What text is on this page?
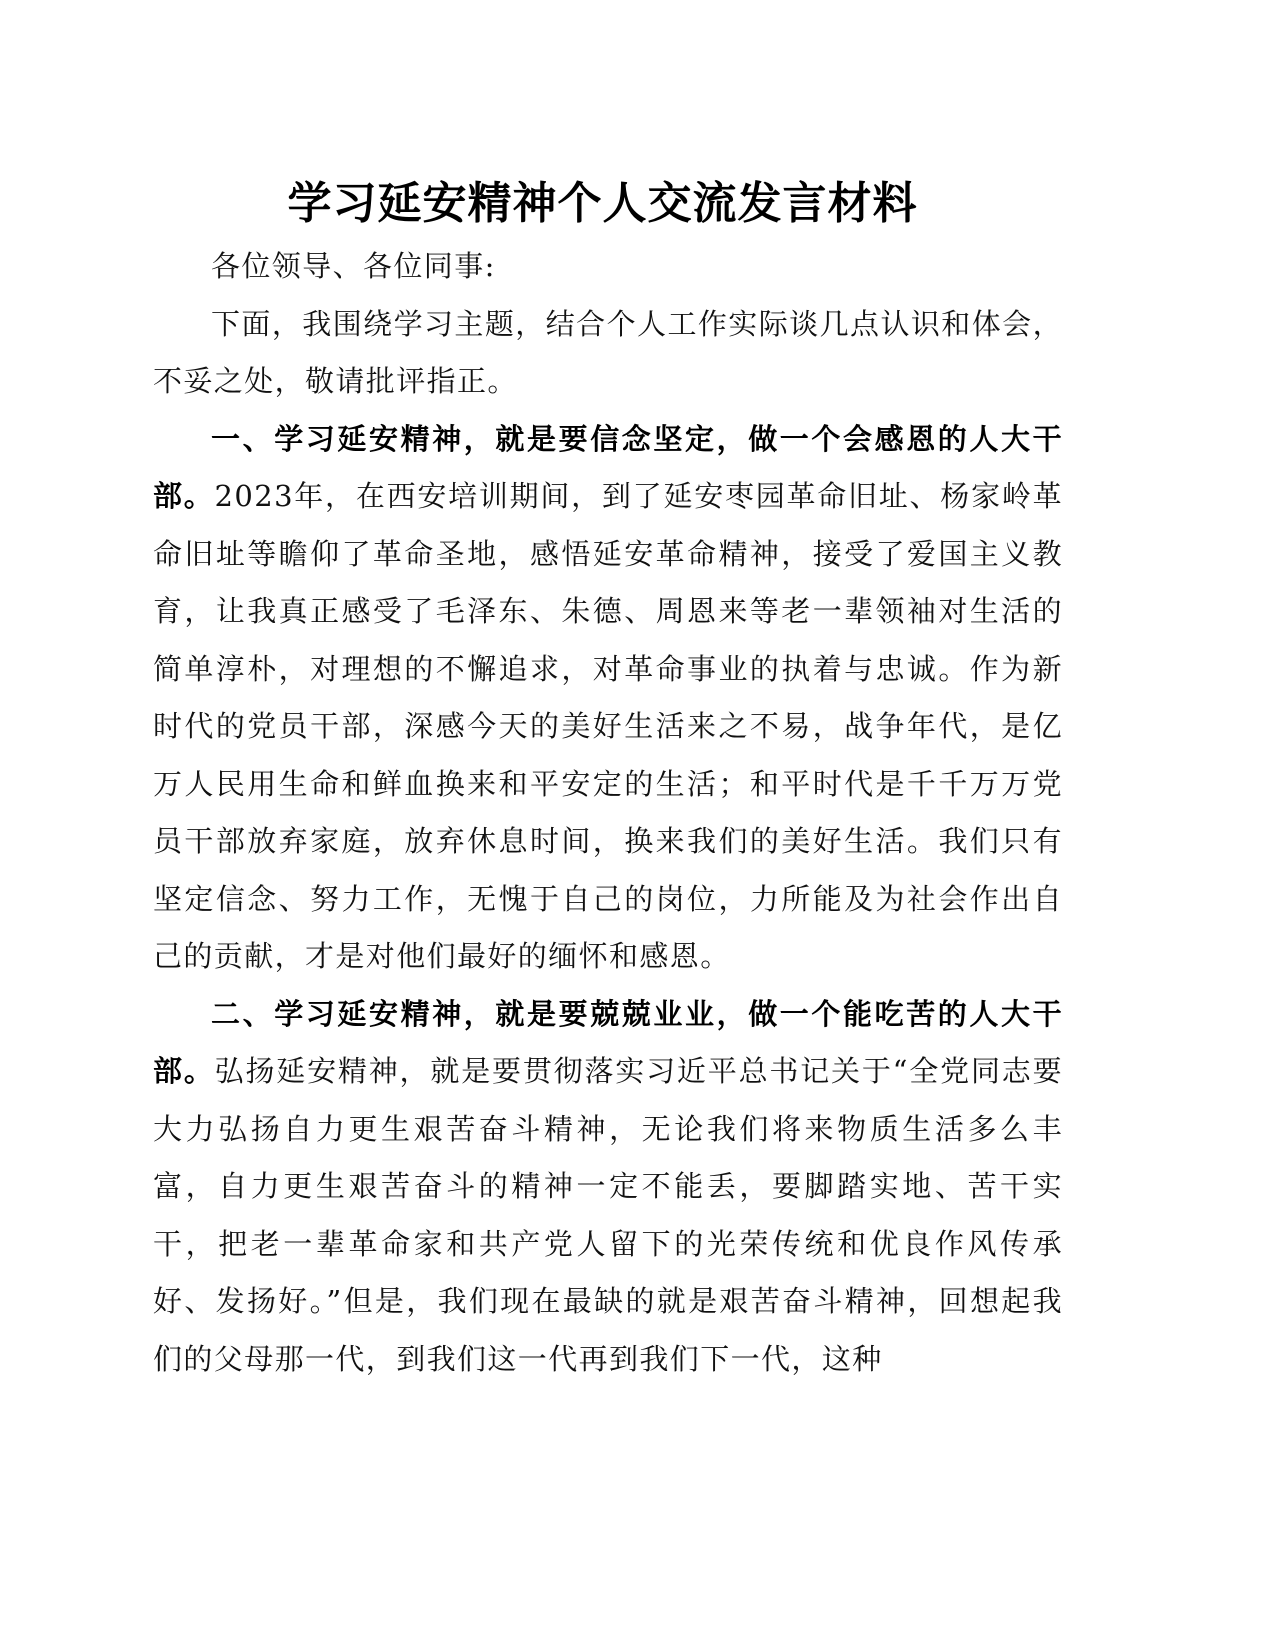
学习延安精神个人交流发言材料

各位领导、各位同事:

下面，我围绕学习主题，结合个人工作实际谈几点认识和体会，不妥之处，敬请批评指正。

一、学习延安精神，就是要信念坚定，做一个会感恩的人大干部。2023年，在西安培训期间，到了延安枣园革命旧址、杨家岭革命旧址等瞻仰了革命圣地，感悟延安革命精神，接受了爱国主义教育，让我真正感受了毛泽东、朱德、周恩来等老一辈领袖对生活的简单淳朴，对理想的不懈追求，对革命事业的执着与忠诚。作为新时代的党员干部，深感今天的美好生活来之不易，战争年代，是亿万人民用生命和鲜血换来和平安定的生活；和平时代是千千万万党员干部放弃家庭，放弃休息时间，换来我们的美好生活。我们只有坚定信念、努力工作，无愧于自己的岗位，力所能及为社会作出自己的贡献，才是对他们最好的缅怀和感恩。

二、学习延安精神，就是要兢兢业业，做一个能吃苦的人大干部。弘扬延安精神，就是要贯彻落实习近平总书记关于“全党同志要大力弘扬自力更生艰苦奋斗精神，无论我们将来物质生活多么丰富，自力更生艰苦奋斗的精神一定不能丢，要脚踏实地、苦干实干，把老一辈革命家和共产党人留下的光荣传统和优良作风传承好、发扬好。”但是，我们现在最缺的就是艰苦奋斗精神，回想起我们的父母那一代，到我们这一代再到我们下一代，这种
